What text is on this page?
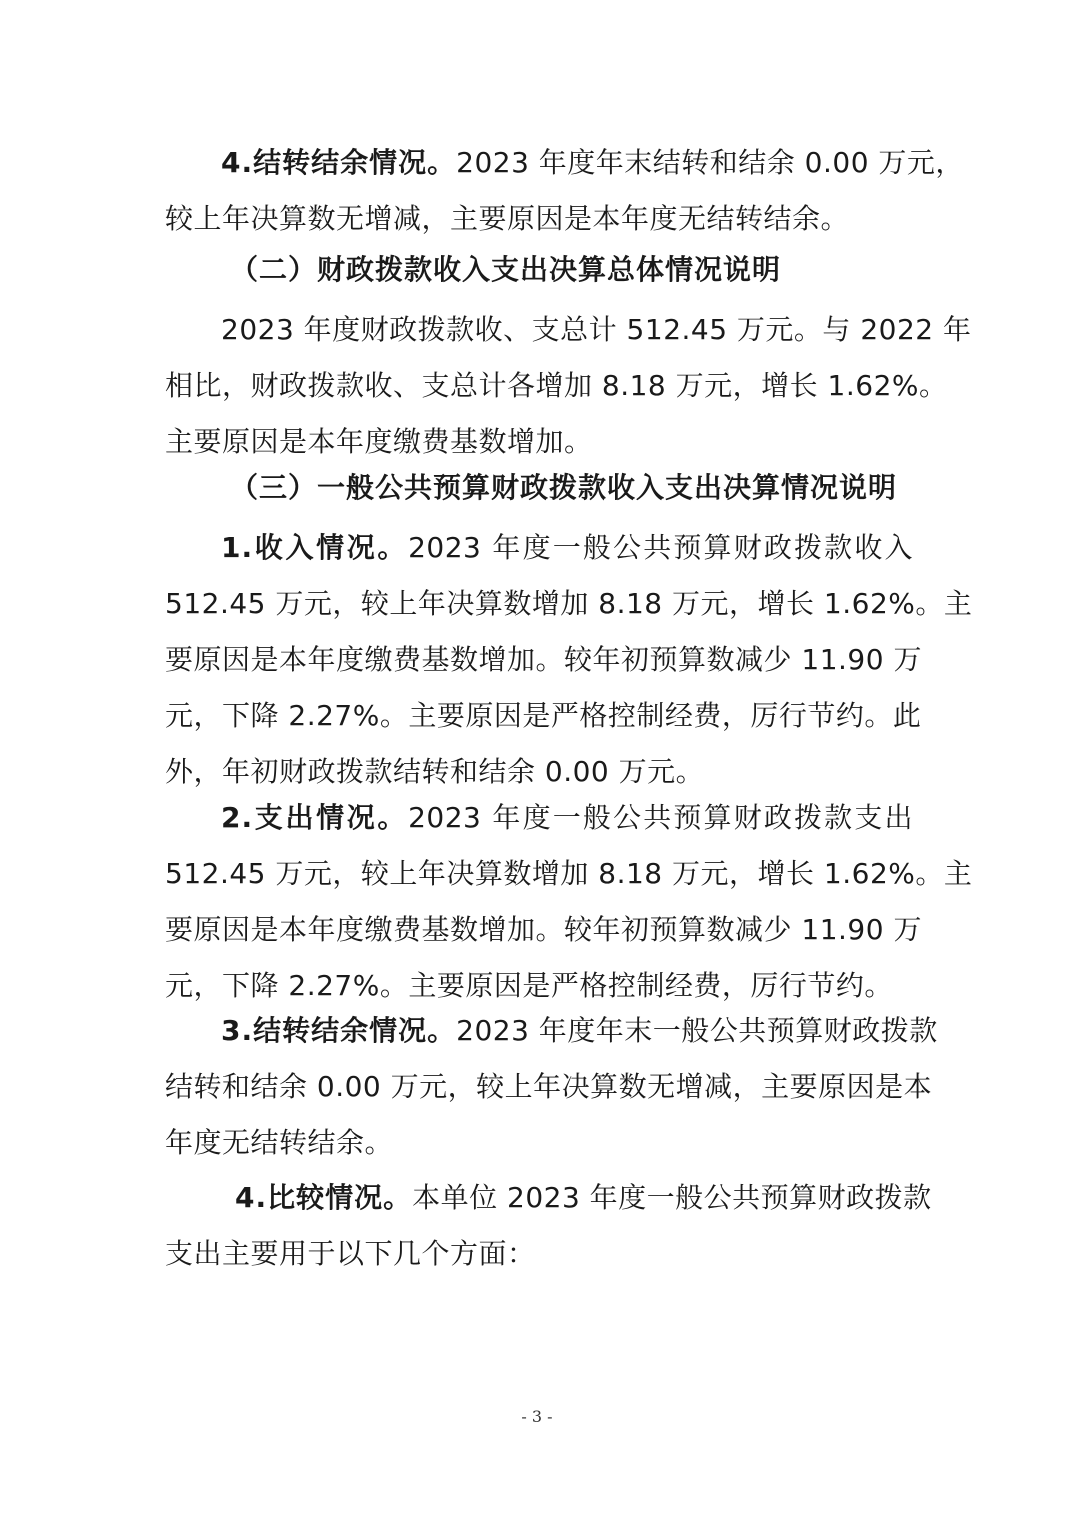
4.结转结余情况。2023 年度年末结转和结余 0.00 万元，
较上年决算数无增减，主要原因是本年度无结转结余。
（二）财政拨款收入支出决算总体情况说明
2023 年度财政拨款收、支总计 512.45 万元。与 2022 年
相比，财政拨款收、支总计各增加 8.18 万元，增长 1.62%。
主要原因是本年度缴费基数增加。
（三）一般公共预算财政拨款收入支出决算情况说明
1.收入情况。2023 年度一般公共预算财政拨款收入
512.45 万元，较上年决算数增加 8.18 万元，增长 1.62%。主
要原因是本年度缴费基数增加。较年初预算数减少 11.90 万
元，下降 2.27%。主要原因是严格控制经费，厉行节约。此
外，年初财政拨款结转和结余 0.00 万元。
2.支出情况。2023 年度一般公共预算财政拨款支出
512.45 万元，较上年决算数增加 8.18 万元，增长 1.62%。主
要原因是本年度缴费基数增加。较年初预算数减少 11.90 万
元，下降 2.27%。主要原因是严格控制经费，厉行节约。
3.结转结余情况。2023 年度年末一般公共预算财政拨款
结转和结余 0.00 万元，较上年决算数无增减，主要原因是本
年度无结转结余。
4.比较情况。本单位 2023 年度一般公共预算财政拨款
支出主要用于以下几个方面：
- 3 -
